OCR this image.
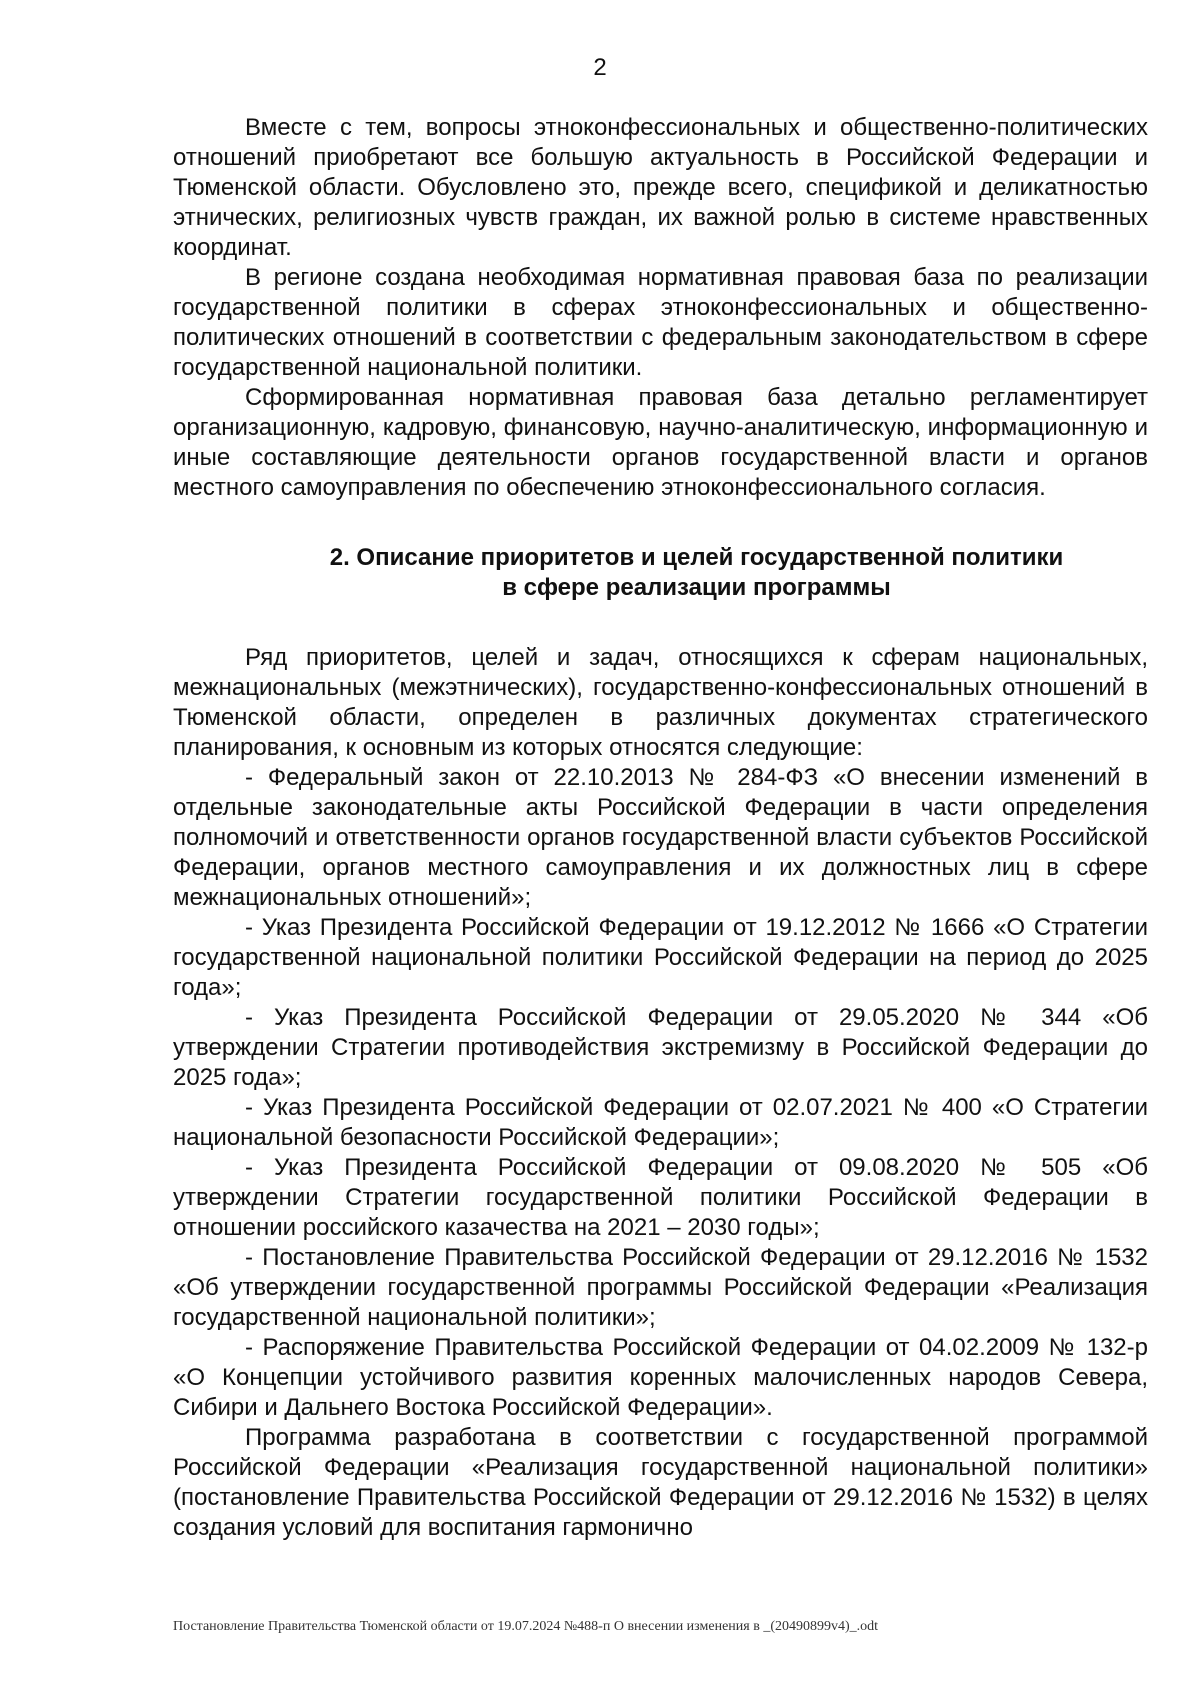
2

Вместе с тем, вопросы этноконфессиональных и общественно-политических отношений приобретают все большую актуальность в Российской Федерации и Тюменской области. Обусловлено это, прежде всего, спецификой и деликатностью этнических, религиозных чувств граждан, их важной ролью в системе нравственных координат.

В регионе создана необходимая нормативная правовая база по реализации государственной политики в сферах этноконфессиональных и общественно-политических отношений в соответствии с федеральным законодательством в сфере государственной национальной политики.

Сформированная нормативная правовая база детально регламентирует организационную, кадровую, финансовую, научно-аналитическую, информационную и иные составляющие деятельности органов государственной власти и органов местного самоуправления по обеспечению этноконфессионального согласия.

2. Описание приоритетов и целей государственной политики
в сфере реализации программы

Ряд приоритетов, целей и задач, относящихся к сферам национальных, межнациональных (межэтнических), государственно-конфессиональных отношений в Тюменской области, определен в различных документах стратегического планирования, к основным из которых относятся следующие:

- Федеральный закон от 22.10.2013 № 284-ФЗ «О внесении изменений в отдельные законодательные акты Российской Федерации в части определения полномочий и ответственности органов государственной власти субъектов Российской Федерации, органов местного самоуправления и их должностных лиц в сфере межнациональных отношений»;

- Указ Президента Российской Федерации от 19.12.2012 № 1666 «О Стратегии государственной национальной политики Российской Федерации на период до 2025 года»;

- Указ Президента Российской Федерации от 29.05.2020 № 344 «Об утверждении Стратегии противодействия экстремизму в Российской Федерации до 2025 года»;

- Указ Президента Российской Федерации от 02.07.2021 № 400 «О Стратегии национальной безопасности Российской Федерации»;

- Указ Президента Российской Федерации от 09.08.2020 № 505 «Об утверждении Стратегии государственной политики Российской Федерации в отношении российского казачества на 2021 – 2030 годы»;

- Постановление Правительства Российской Федерации от 29.12.2016 № 1532 «Об утверждении государственной программы Российской Федерации «Реализация государственной национальной политики»;

- Распоряжение Правительства Российской Федерации от 04.02.2009 № 132-р «О Концепции устойчивого развития коренных малочисленных народов Севера, Сибири и Дальнего Востока Российской Федерации».

Программа разработана в соответствии с государственной программой Российской Федерации «Реализация государственной национальной политики» (постановление Правительства Российской Федерации от 29.12.2016 № 1532) в целях создания условий для воспитания гармонично

Постановление Правительства Тюменской области от 19.07.2024 №488-п О внесении изменения в _(20490899v4)_.odt
